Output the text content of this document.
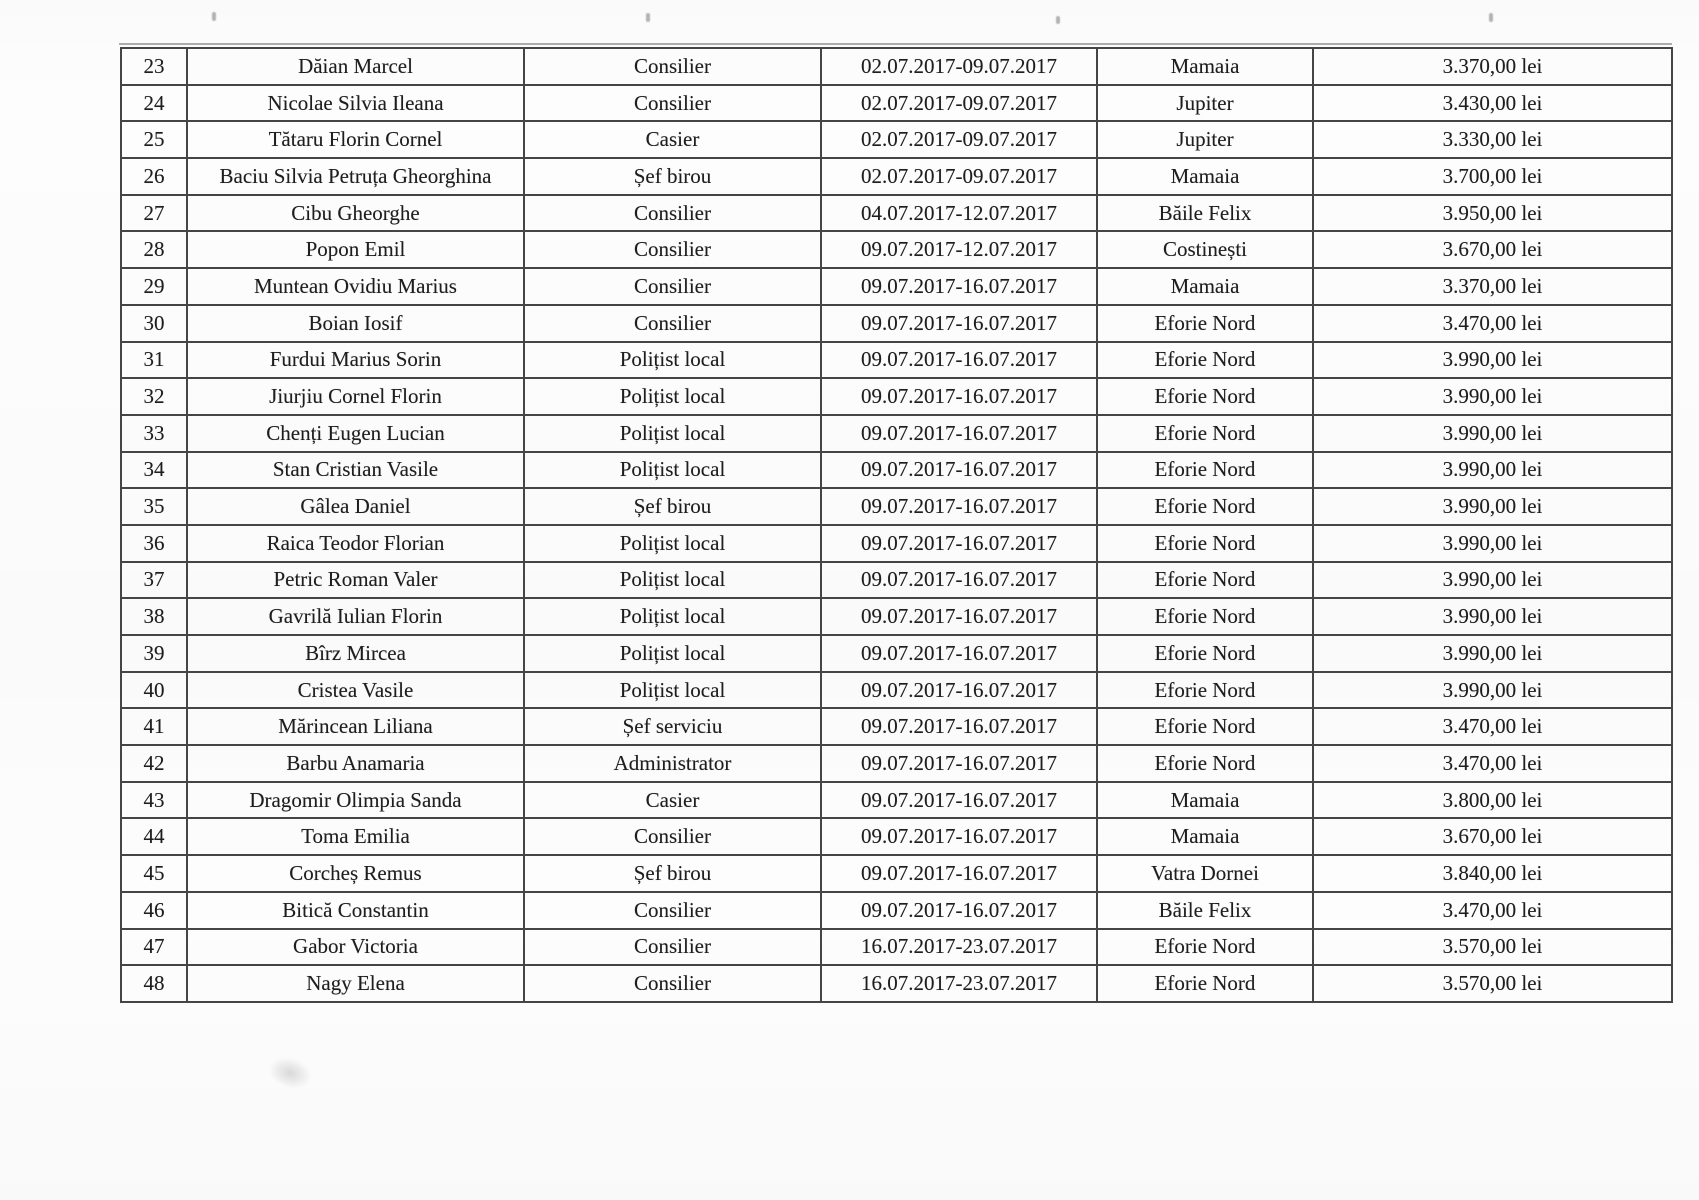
23	Dăian Marcel	Consilier	02.07.2017-09.07.2017	Mamaia	3.370,00 lei
24	Nicolae Silvia Ileana	Consilier	02.07.2017-09.07.2017	Jupiter	3.430,00 lei
25	Tătaru Florin Cornel	Casier	02.07.2017-09.07.2017	Jupiter	3.330,00 lei
26	Baciu Silvia Petruța Gheorghina	Șef birou	02.07.2017-09.07.2017	Mamaia	3.700,00 lei
27	Cibu Gheorghe	Consilier	04.07.2017-12.07.2017	Băile Felix	3.950,00 lei
28	Popon Emil	Consilier	09.07.2017-12.07.2017	Costinești	3.670,00 lei
29	Muntean Ovidiu Marius	Consilier	09.07.2017-16.07.2017	Mamaia	3.370,00 lei
30	Boian Iosif	Consilier	09.07.2017-16.07.2017	Eforie Nord	3.470,00 lei
31	Furdui Marius Sorin	Polițist local	09.07.2017-16.07.2017	Eforie Nord	3.990,00 lei
32	Jiurjiu Cornel Florin	Polițist local	09.07.2017-16.07.2017	Eforie Nord	3.990,00 lei
33	Chenți Eugen Lucian	Polițist local	09.07.2017-16.07.2017	Eforie Nord	3.990,00 lei
34	Stan Cristian Vasile	Polițist local	09.07.2017-16.07.2017	Eforie Nord	3.990,00 lei
35	Gâlea Daniel	Șef birou	09.07.2017-16.07.2017	Eforie Nord	3.990,00 lei
36	Raica Teodor Florian	Polițist local	09.07.2017-16.07.2017	Eforie Nord	3.990,00 lei
37	Petric Roman Valer	Polițist local	09.07.2017-16.07.2017	Eforie Nord	3.990,00 lei
38	Gavrilă Iulian Florin	Polițist local	09.07.2017-16.07.2017	Eforie Nord	3.990,00 lei
39	Bîrz Mircea	Polițist local	09.07.2017-16.07.2017	Eforie Nord	3.990,00 lei
40	Cristea Vasile	Polițist local	09.07.2017-16.07.2017	Eforie Nord	3.990,00 lei
41	Mărincean Liliana	Șef serviciu	09.07.2017-16.07.2017	Eforie Nord	3.470,00 lei
42	Barbu Anamaria	Administrator	09.07.2017-16.07.2017	Eforie Nord	3.470,00 lei
43	Dragomir Olimpia Sanda	Casier	09.07.2017-16.07.2017	Mamaia	3.800,00 lei
44	Toma Emilia	Consilier	09.07.2017-16.07.2017	Mamaia	3.670,00 lei
45	Corcheș Remus	Șef birou	09.07.2017-16.07.2017	Vatra Dornei	3.840,00 lei
46	Bitică Constantin	Consilier	09.07.2017-16.07.2017	Băile Felix	3.470,00 lei
47	Gabor Victoria	Consilier	16.07.2017-23.07.2017	Eforie Nord	3.570,00 lei
48	Nagy Elena	Consilier	16.07.2017-23.07.2017	Eforie Nord	3.570,00 lei
